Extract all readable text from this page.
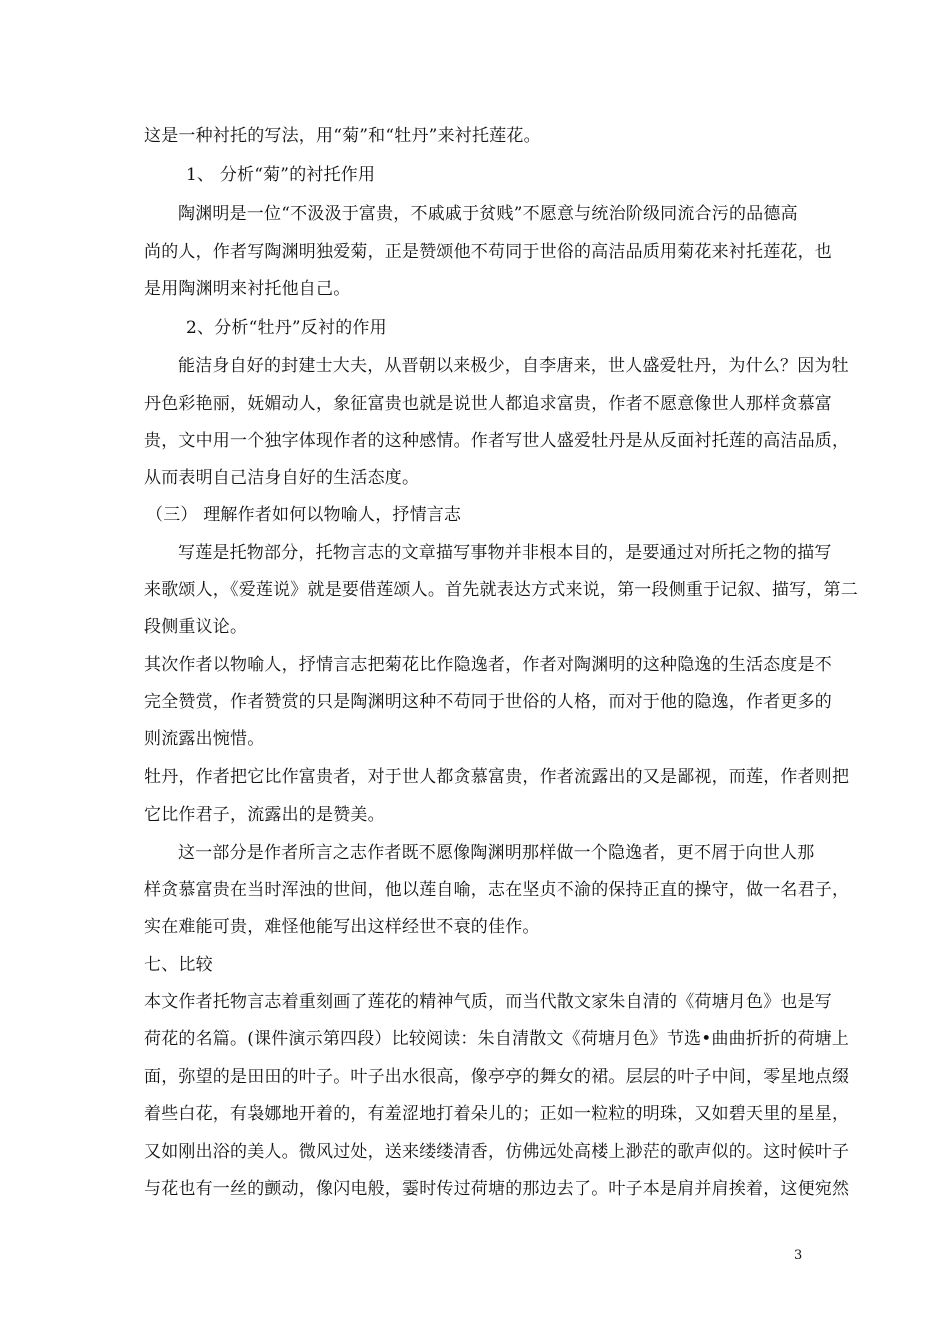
这是一种衬托的写法，用“菊”和“牡丹”来衬托莲花。
1、 分析“菊”的衬托作用
陶渊明是一位“不汲汲于富贵，不戚戚于贫贱”不愿意与统治阶级同流合污的品德高
尚的人，作者写陶渊明独爱菊，正是赞颂他不苟同于世俗的高洁品质用菊花来衬托莲花，也
是用陶渊明来衬托他自己。
2、分析“牡丹”反衬的作用
能洁身自好的封建士大夫，从晋朝以来极少，自李唐来，世人盛爱牡丹，为什么？因为牡
丹色彩艳丽，妩媚动人，象征富贵也就是说世人都追求富贵，作者不愿意像世人那样贪慕富
贵，文中用一个独字体现作者的这种感情。作者写世人盛爱牡丹是从反面衬托莲的高洁品质，
从而表明自己洁身自好的生活态度。
（三） 理解作者如何以物喻人，抒情言志
写莲是托物部分，托物言志的文章描写事物并非根本目的，是要通过对所托之物的描写
来歌颂人，《爱莲说》就是要借莲颂人。首先就表达方式来说，第一段侧重于记叙、描写，第二
段侧重议论。
其次作者以物喻人，抒情言志把菊花比作隐逸者，作者对陶渊明的这种隐逸的生活态度是不
完全赞赏，作者赞赏的只是陶渊明这种不苟同于世俗的人格，而对于他的隐逸，作者更多的
则流露出惋惜。
牡丹，作者把它比作富贵者，对于世人都贪慕富贵，作者流露出的又是鄙视，而莲，作者则把
它比作君子，流露出的是赞美。
这一部分是作者所言之志作者既不愿像陶渊明那样做一个隐逸者，更不屑于向世人那
样贪慕富贵在当时浑浊的世间，他以莲自喻，志在坚贞不渝的保持正直的操守，做一名君子，
实在难能可贵，难怪他能写出这样经世不衰的佳作。
七、比较
本文作者托物言志着重刻画了莲花的精神气质，而当代散文家朱自清的《荷塘月色》也是写
荷花的名篇。(课件演示第四段）比较阅读：朱自清散文《荷塘月色》节选•曲曲折折的荷塘上
面，弥望的是田田的叶子。叶子出水很高，像亭亭的舞女的裙。层层的叶子中间，零星地点缀
着些白花，有袅娜地开着的，有羞涩地打着朵儿的；正如一粒粒的明珠，又如碧天里的星星，
又如刚出浴的美人。微风过处，送来缕缕清香，仿佛远处高楼上渺茫的歌声似的。这时候叶子
与花也有一丝的颤动，像闪电般，霎时传过荷塘的那边去了。叶子本是肩并肩挨着，这便宛然
3
